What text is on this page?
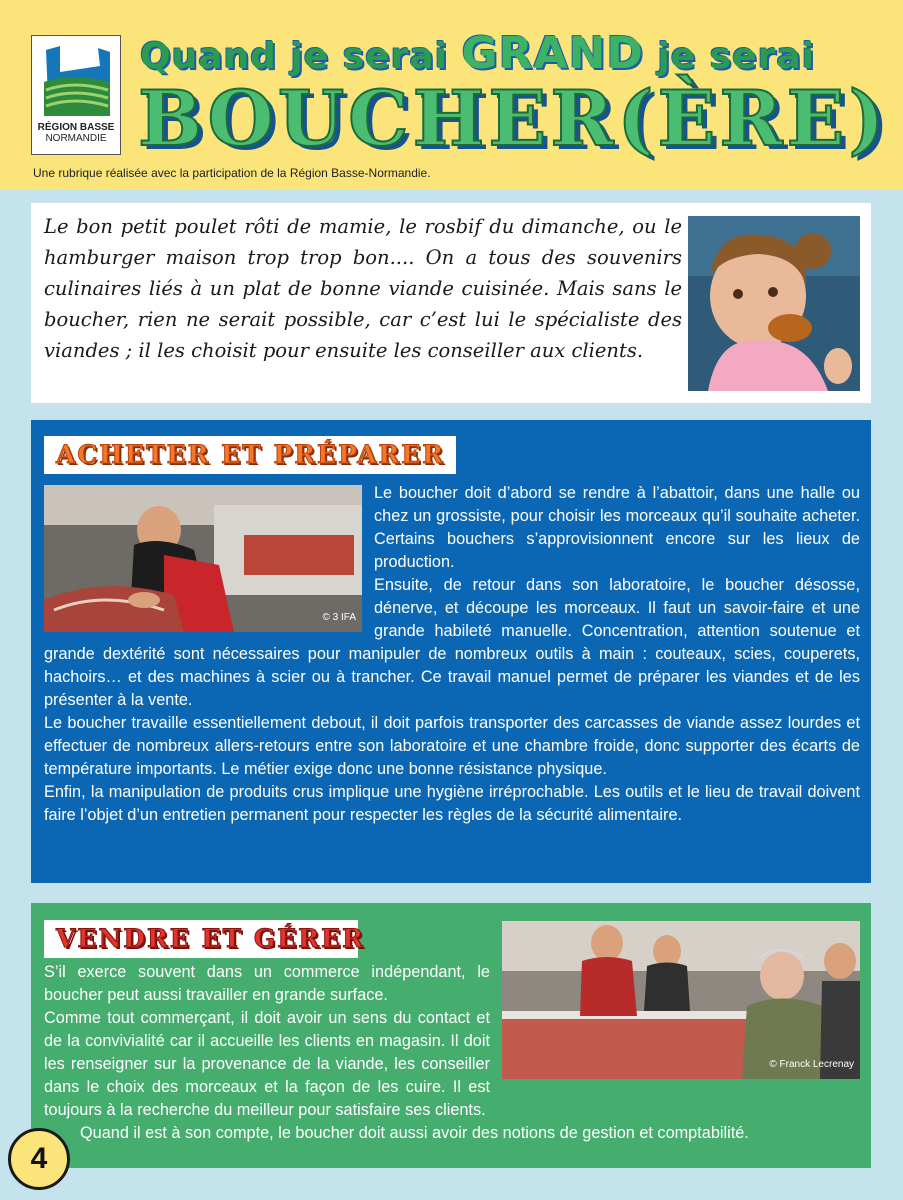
RÉGION BASSE
NORMANDIE
Quand je serai GRAND je serai
BOUCHER(ÈRE)
Une rubrique réalisée avec la participation de la Région Basse-Normandie.
Le bon petit poulet rôti de mamie, le rosbif du dimanche, ou le hamburger maison trop trop bon.... On a tous des souvenirs culinaires liés à un plat de bonne viande cuisinée. Mais sans le boucher, rien ne serait possible, car c’est lui le spécialiste des viandes ; il les choisit pour ensuite les conseiller aux clients.
ACHETER ET PRÉPARER
© 3 IFA

Le boucher doit d’abord se rendre à l’abattoir, dans une halle ou chez un grossiste, pour choisir les morceaux qu’il souhaite acheter. Certains bouchers s’approvisionnent encore sur les lieux de production.

Ensuite, de retour dans son laboratoire, le boucher désosse, dénerve, et découpe les morceaux. Il faut un savoir-faire et une grande habileté manuelle. Concentration, attention soutenue et grande dextérité sont nécessaires pour manipuler de nombreux outils à main : couteaux, scies, couperets, hachoirs… et des machines à scier ou à trancher. Ce travail manuel permet de préparer les viandes et de les présenter à la vente.

Le boucher travaille essentiellement debout, il doit parfois transporter des carcasses de viande assez lourdes et effectuer de nombreux allers-retours entre son laboratoire et une chambre froide, donc supporter des écarts de température importants. Le métier exige donc une bonne résistance physique.

Enfin, la manipulation de produits crus implique une hygiène irréprochable. Les outils et le lieu de travail doivent faire l’objet d’un entretien permanent pour respecter les règles de la sécurité alimentaire.

VENDRE ET GÉRER
© Franck Lecrenay

S’il exerce souvent dans un commerce indépendant, le boucher peut aussi travailler en grande surface.

Comme tout commerçant, il doit avoir un sens du contact et de la convivialité car il accueille les clients en magasin. Il doit les renseigner sur la provenance de la viande, les conseiller dans le choix des morceaux et la façon de les cuire. Il est toujours à la recherche du meilleur pour satisfaire ses clients.

Quand il est à son compte, le boucher doit aussi avoir des notions de gestion et comptabilité.

4
